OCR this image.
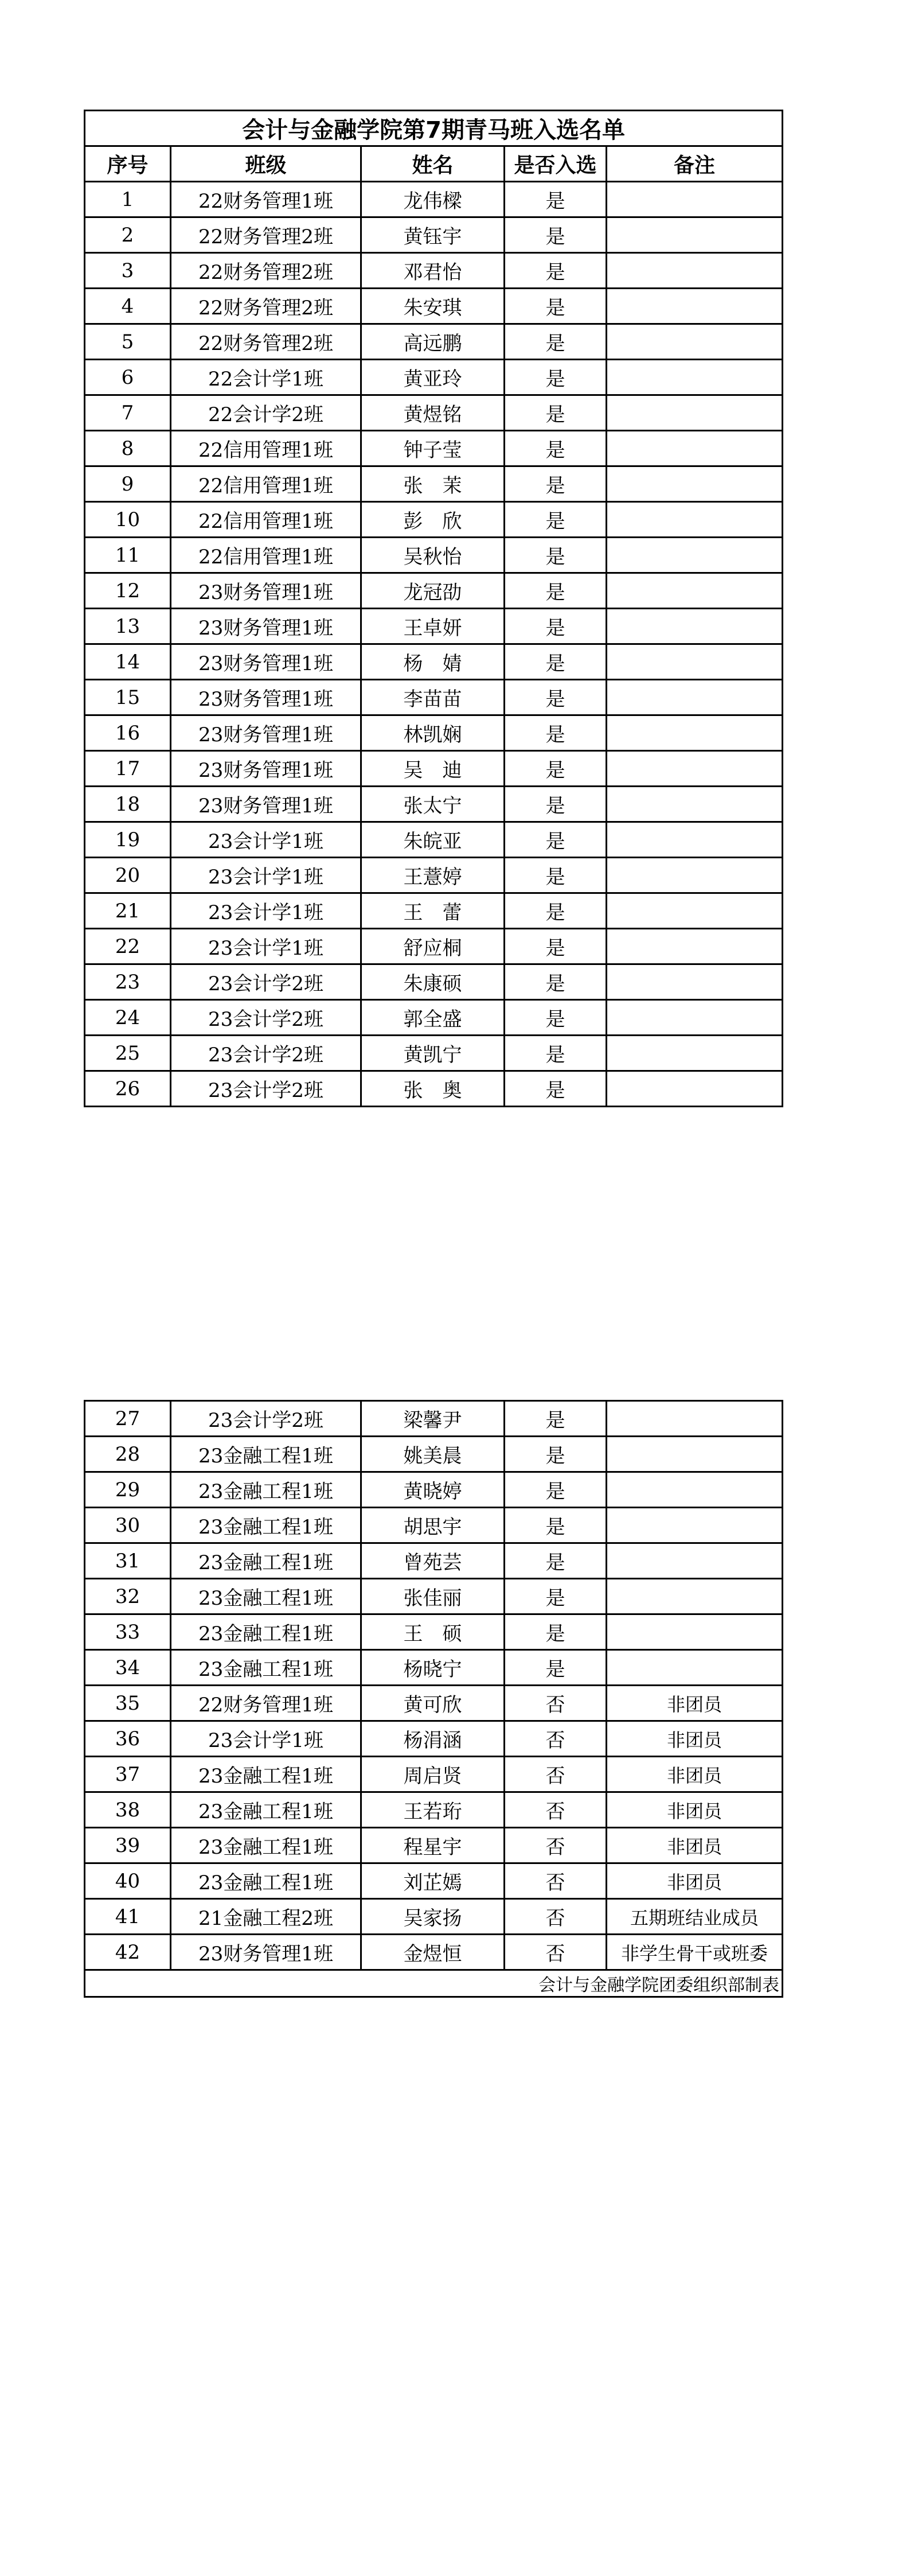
会计与金融学院第7期青马班入选名单				
序号	班级	姓名	是否入选	备注
1	22财务管理1班	龙伟樑	是	
2	22财务管理2班	黄钰宇	是	
3	22财务管理2班	邓君怡	是	
4	22财务管理2班	朱安琪	是	
5	22财务管理2班	高远鹏	是	
6	22会计学1班	黄亚玲	是	
7	22会计学2班	黄煜铭	是	
8	22信用管理1班	钟子莹	是	
9	22信用管理1班	张　茉	是	
10	22信用管理1班	彭　欣	是	
11	22信用管理1班	吴秋怡	是	
12	23财务管理1班	龙冠劭	是	
13	23财务管理1班	王卓妍	是	
14	23财务管理1班	杨　婧	是	
15	23财务管理1班	李苗苗	是	
16	23财务管理1班	林凯娴	是	
17	23财务管理1班	吴　迪	是	
18	23财务管理1班	张太宁	是	
19	23会计学1班	朱皖亚	是	
20	23会计学1班	王薏婷	是	
21	23会计学1班	王　蕾	是	
22	23会计学1班	舒应桐	是	
23	23会计学2班	朱康硕	是	
24	23会计学2班	郭全盛	是	
25	23会计学2班	黄凯宁	是	
26	23会计学2班	张　奥	是	
27	23会计学2班	梁馨尹	是	
28	23金融工程1班	姚美晨	是	
29	23金融工程1班	黄晓婷	是	
30	23金融工程1班	胡思宇	是	
31	23金融工程1班	曾苑芸	是	
32	23金融工程1班	张佳丽	是	
33	23金融工程1班	王　硕	是	
34	23金融工程1班	杨晓宁	是	
35	22财务管理1班	黄可欣	否	非团员
36	23会计学1班	杨涓涵	否	非团员
37	23金融工程1班	周启贤	否	非团员
38	23金融工程1班	王若珩	否	非团员
39	23金融工程1班	程星宇	否	非团员
40	23金融工程1班	刘芷嫣	否	非团员
41	21金融工程2班	吴家扬	否	五期班结业成员
42	23财务管理1班	金煜恒	否	非学生骨干或班委
会计与金融学院团委组织部制表				
